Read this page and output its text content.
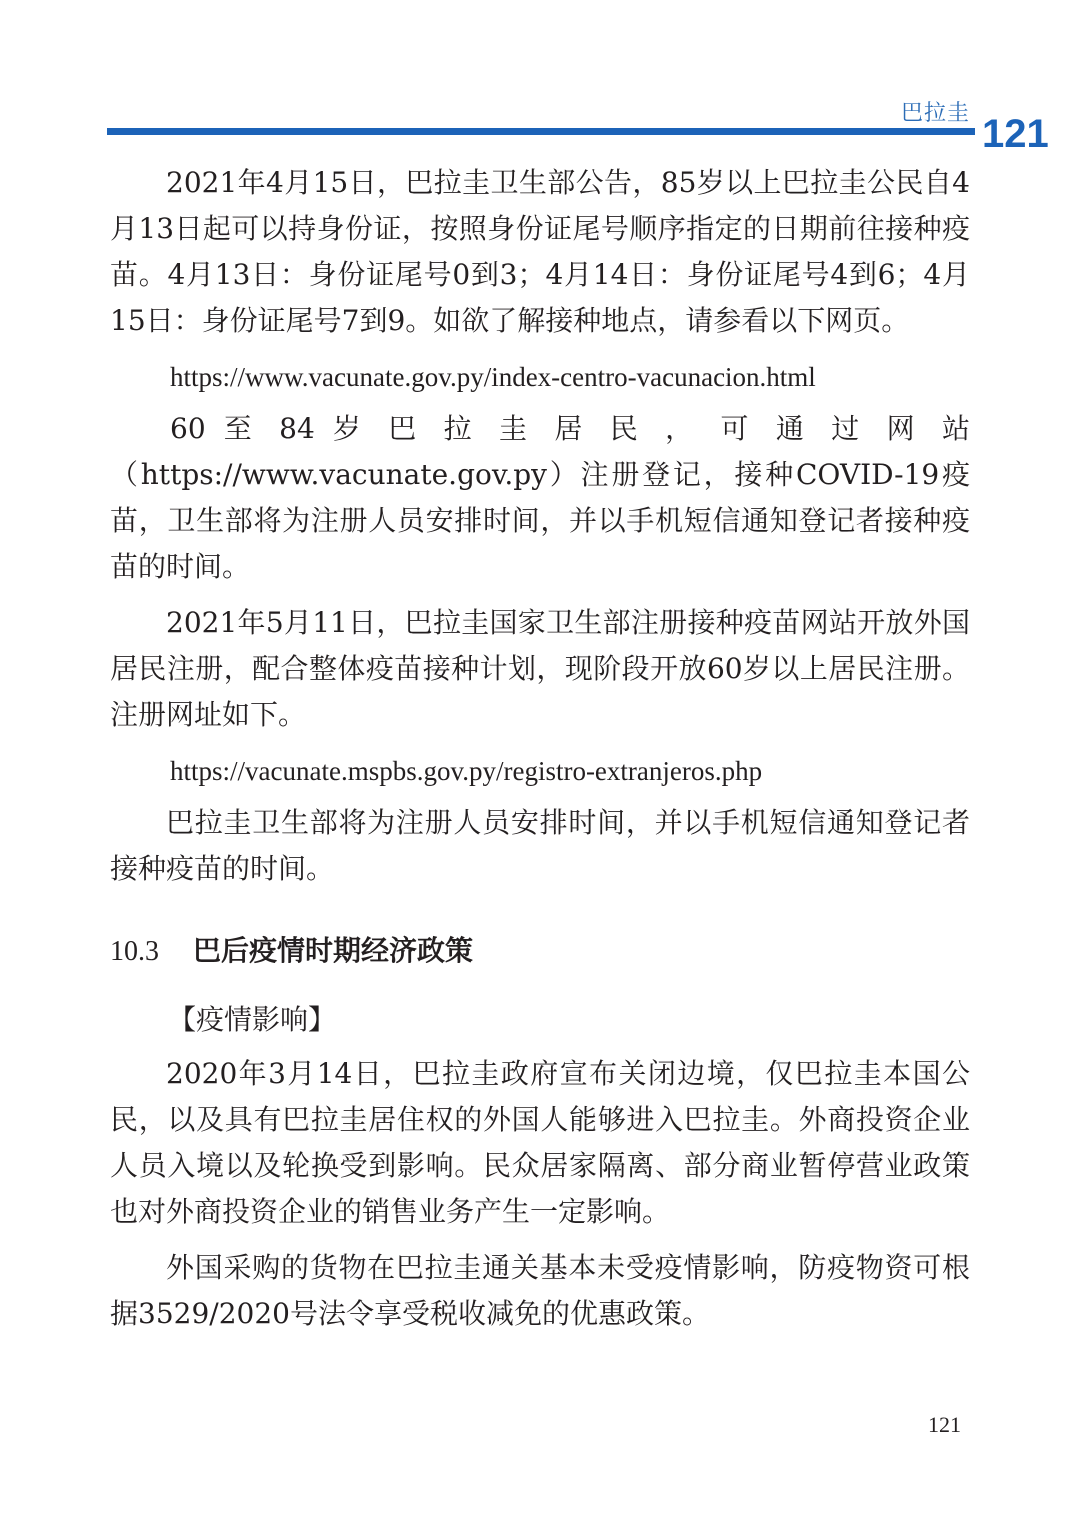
巴拉圭 121

2021年4月15日，巴拉圭卫生部公告，85岁以上巴拉圭公民自4月13日起可以持身份证，按照身份证尾号顺序指定的日期前往接种疫苗。4月13日：身份证尾号0到3；4月14日：身份证尾号4到6；4月15日：身份证尾号7到9。如欲了解接种地点，请参看以下网页。

https://www.vacunate.gov.py/index-centro-vacunacion.html

60 至 84 岁 巴 拉 圭 居 民 ， 可 通 过 网 站

（https://www.vacunate.gov.py）注册登记，接种COVID-19疫苗，卫生部将为注册人员安排时间，并以手机短信通知登记者接种疫苗的时间。

2021年5月11日，巴拉圭国家卫生部注册接种疫苗网站开放外国居民注册，配合整体疫苗接种计划，现阶段开放60岁以上居民注册。注册网址如下。

https://vacunate.mspbs.gov.py/registro-extranjeros.php

巴拉圭卫生部将为注册人员安排时间，并以手机短信通知登记者接种疫苗的时间。

10.3 巴后疫情时期经济政策

【疫情影响】

2020年3月14日，巴拉圭政府宣布关闭边境，仅巴拉圭本国公民，以及具有巴拉圭居住权的外国人能够进入巴拉圭。外商投资企业人员入境以及轮换受到影响。民众居家隔离、部分商业暂停营业政策也对外商投资企业的销售业务产生一定影响。

外国采购的货物在巴拉圭通关基本未受疫情影响，防疫物资可根据3529/2020号法令享受税收减免的优惠政策。

121
